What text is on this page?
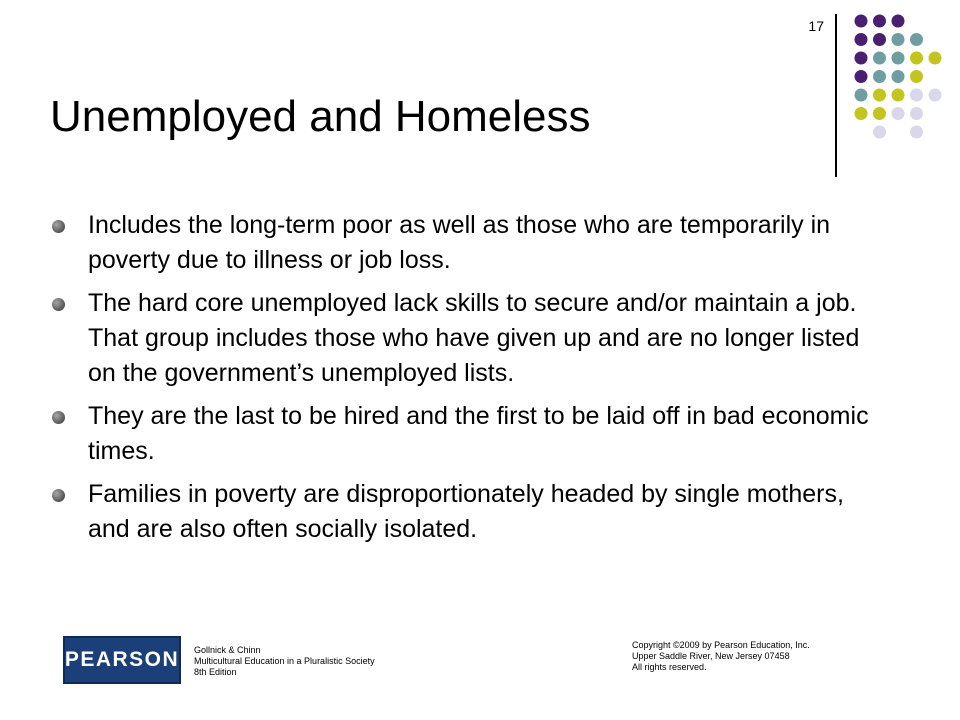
17
Unemployed and Homeless
Includes the long-term poor as well as those who are temporarily in poverty due to illness or job loss.
The hard core unemployed lack skills to secure and/or maintain a job. That group includes those who have given up and are no longer listed on the government’s unemployed lists.
They are the last to be hired and the first to be laid off in bad economic times.
Families in poverty are disproportionately headed by single mothers, and are also often socially isolated.
PEARSON Gollnick & Chinn
Multicultural Education in a Pluralistic Society
8th Edition
Copyright ©2009 by Pearson Education, Inc.
Upper Saddle River, New Jersey 07458
All rights reserved.
